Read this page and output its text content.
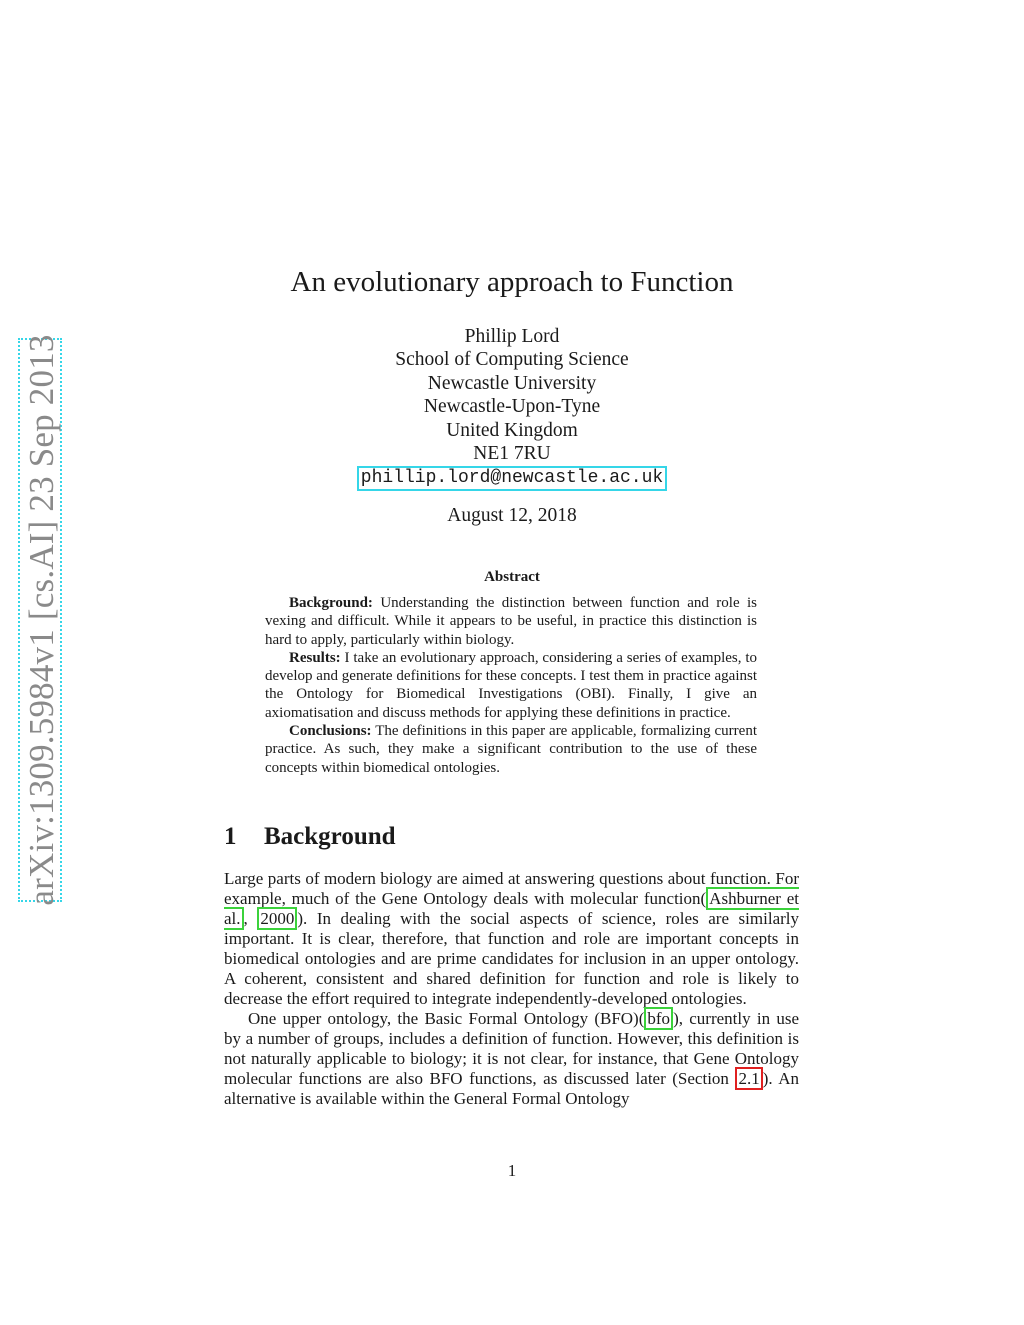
arXiv:1309.5984v1 [cs.AI] 23 Sep 2013
An evolutionary approach to Function
Phillip Lord
School of Computing Science
Newcastle University
Newcastle-Upon-Tyne
United Kingdom
NE1 7RU
phillip.lord@newcastle.ac.uk
August 12, 2018
Abstract

Background: Understanding the distinction between function and role is vexing and difficult. While it appears to be useful, in practice this distinction is hard to apply, particularly within biology.

Results: I take an evolutionary approach, considering a series of examples, to develop and generate definitions for these concepts. I test them in practice against the Ontology for Biomedical Investigations (OBI). Finally, I give an axiomatisation and discuss methods for applying these definitions in practice.

Conclusions: The definitions in this paper are applicable, formalizing current practice. As such, they make a significant contribution to the use of these concepts within biomedical ontologies.

1 Background

Large parts of modern biology are aimed at answering questions about function. For example, much of the Gene Ontology deals with molecular function( Ashburner et al. , 2000 ). In dealing with the social aspects of science, roles are similarly important. It is clear, therefore, that function and role are important concepts in biomedical ontologies and are prime candidates for inclusion in an upper ontology. A coherent, consistent and shared definition for function and role is likely to decrease the effort required to integrate independently-developed ontologies.

One upper ontology, the Basic Formal Ontology (BFO)( bfo ), currently in use by a number of groups, includes a definition of function. However, this definition is not naturally applicable to biology; it is not clear, for instance, that Gene Ontology molecular functions are also BFO functions, as discussed later (Section 2.1 ). An alternative is available within the General Formal Ontology

1
